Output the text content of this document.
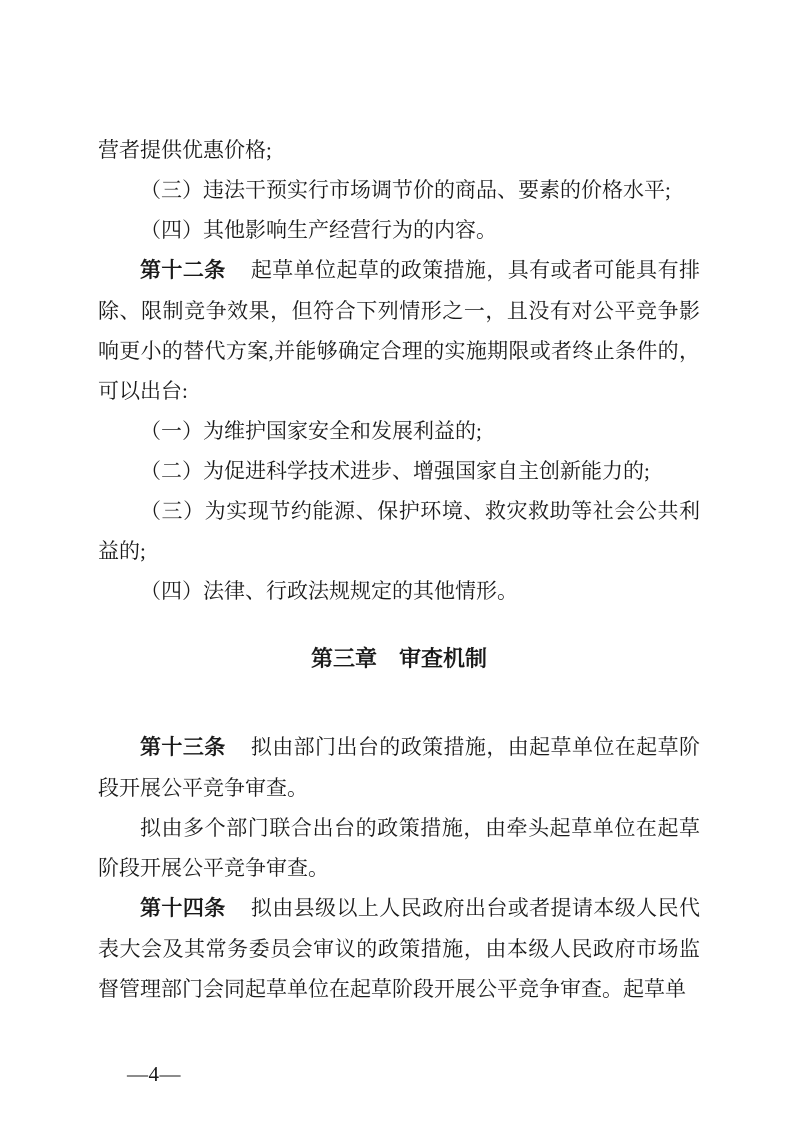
营者提供优惠价格;

（三）违法干预实行市场调节价的商品、要素的价格水平;

（四）其他影响生产经营行为的内容。

第十二条 起草单位起草的政策措施，具有或者可能具有排除、限制竞争效果，但符合下列情形之一，且没有对公平竞争影响更小的替代方案,并能够确定合理的实施期限或者终止条件的，可以出台:

（一）为维护国家安全和发展利益的;

（二）为促进科学技术进步、增强国家自主创新能力的;

（三）为实现节约能源、保护环境、救灾救助等社会公共利益的;

（四）法律、行政法规规定的其他情形。

第三章　审查机制

第十三条 拟由部门出台的政策措施，由起草单位在起草阶段开展公平竞争审查。

拟由多个部门联合出台的政策措施，由牵头起草单位在起草阶段开展公平竞争审查。

第十四条 拟由县级以上人民政府出台或者提请本级人民代表大会及其常务委员会审议的政策措施，由本级人民政府市场监督管理部门会同起草单位在起草阶段开展公平竞争审查。起草单

—4—
